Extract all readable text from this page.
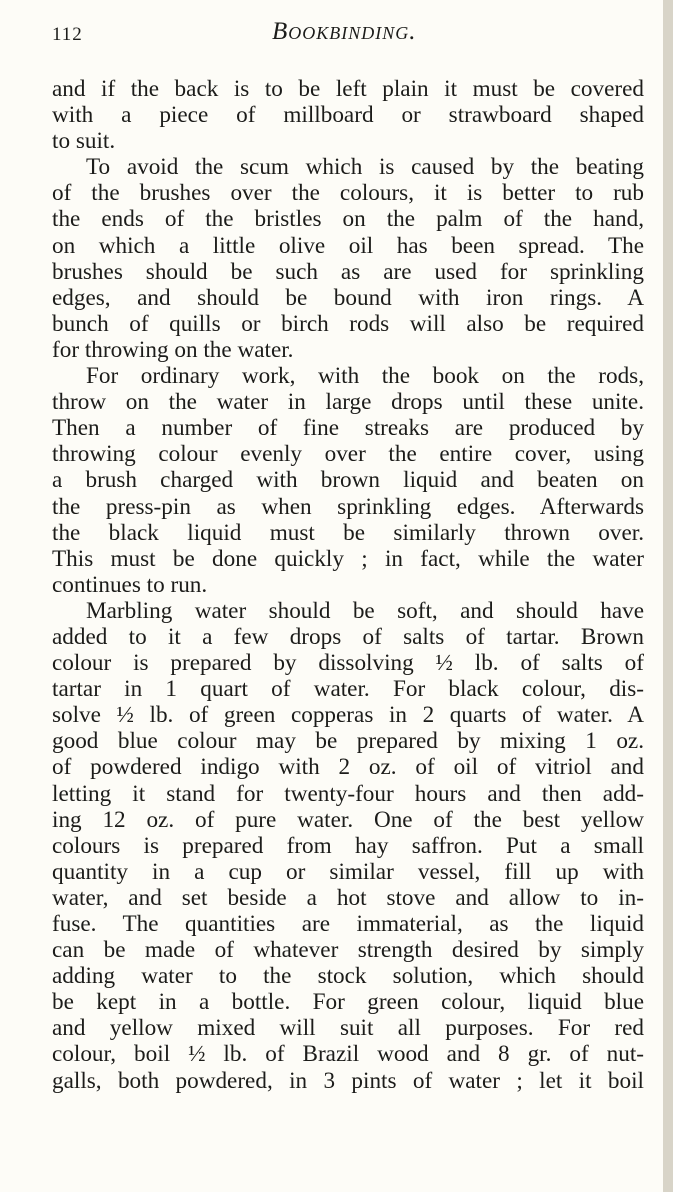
112	Bookbinding.
and if the back is to be left plain it must be covered
with a piece of millboard or strawboard shaped
to suit.
To avoid the scum which is caused by the beating
of the brushes over the colours, it is better to rub
the ends of the bristles on the palm of the hand,
on which a little olive oil has been spread. The
brushes should be such as are used for sprinkling
edges, and should be bound with iron rings. A
bunch of quills or birch rods will also be required
for throwing on the water.
For ordinary work, with the book on the rods,
throw on the water in large drops until these unite.
Then a number of fine streaks are produced by
throwing colour evenly over the entire cover, using
a brush charged with brown liquid and beaten on
the press-pin as when sprinkling edges. Afterwards
the black liquid must be similarly thrown over.
This must be done quickly ; in fact, while the water
continues to run.
Marbling water should be soft, and should have
added to it a few drops of salts of tartar. Brown
colour is prepared by dissolving ½ lb. of salts of
tartar in 1 quart of water. For black colour, dis-
solve ½ lb. of green copperas in 2 quarts of water. A
good blue colour may be prepared by mixing 1 oz.
of powdered indigo with 2 oz. of oil of vitriol and
letting it stand for twenty-four hours and then add-
ing 12 oz. of pure water. One of the best yellow
colours is prepared from hay saffron. Put a small
quantity in a cup or similar vessel, fill up with
water, and set beside a hot stove and allow to in-
fuse. The quantities are immaterial, as the liquid
can be made of whatever strength desired by simply
adding water to the stock solution, which should
be kept in a bottle. For green colour, liquid blue
and yellow mixed will suit all purposes. For red
colour, boil ½ lb. of Brazil wood and 8 gr. of nut-
galls, both powdered, in 3 pints of water ; let it boil
